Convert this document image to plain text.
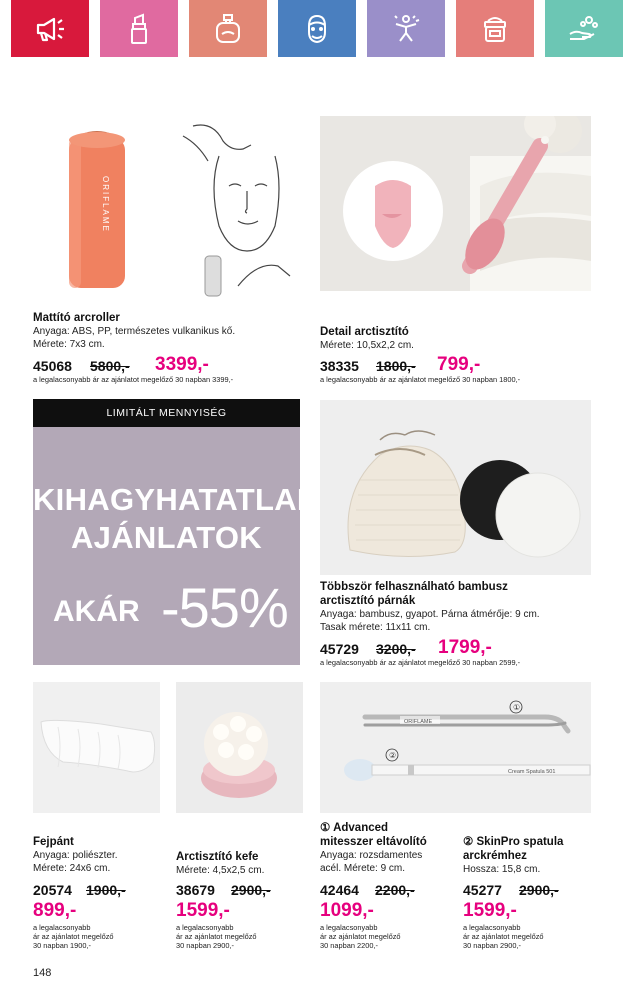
ORIFLAME
Mattító arcroller
Anyaga: ABS, PP, természetes vulkanikus kő.
Mérete: 7x3 cm.
45068 5800,- 3399,-
a legalacsonyabb ár az ajánlatot megelőző 30 napban 3399,-
Detail arctisztító
Mérete: 10,5x2,2 cm.
38335 1800,- 799,-
a legalacsonyabb ár az ajánlatot megelőző 30 napban 1800,-
LIMITÁLT MENNYISÉG
KIHAGYHATATLAN
AJÁNLATOK
AKÁR -55%	Többször felhasználható bambusz
arctisztító párnák
Anyaga: bambusz, gyapot. Párna átmérője: 9 cm.
Tasak mérete: 11x11 cm.
45729 3200,- 1799,-
a legalacsonyabb ár az ajánlatot megelőző 30 napban 2599,-
Fejpánt
Anyaga: poliészter.
Mérete: 24x6 cm.
20574 1900,-
899,-
a legalacsonyabb
ár az ajánlatot megelőző
30 napban 1900,-
Arctisztító kefe
Mérete: 4,5x2,5 cm.
38679 2900,-
1599,-
a legalacsonyabb
ár az ajánlatot megelőző
30 napban 2900,-
ORIFLAME
①
Cream Spatula 501
②
① Advanced
mitesszer eltávolító
Anyaga: rozsdamentes
acél. Mérete: 9 cm.
42464 2200,-
1099,-
a legalacsonyabb
ár az ajánlatot megelőző
30 napban 2200,-
② SkinPro spatula
arckrémhez
Hossza: 15,8 cm.
45277 2900,-
1599,-
a legalacsonyabb
ár az ajánlatot megelőző
30 napban 2900,-
148
